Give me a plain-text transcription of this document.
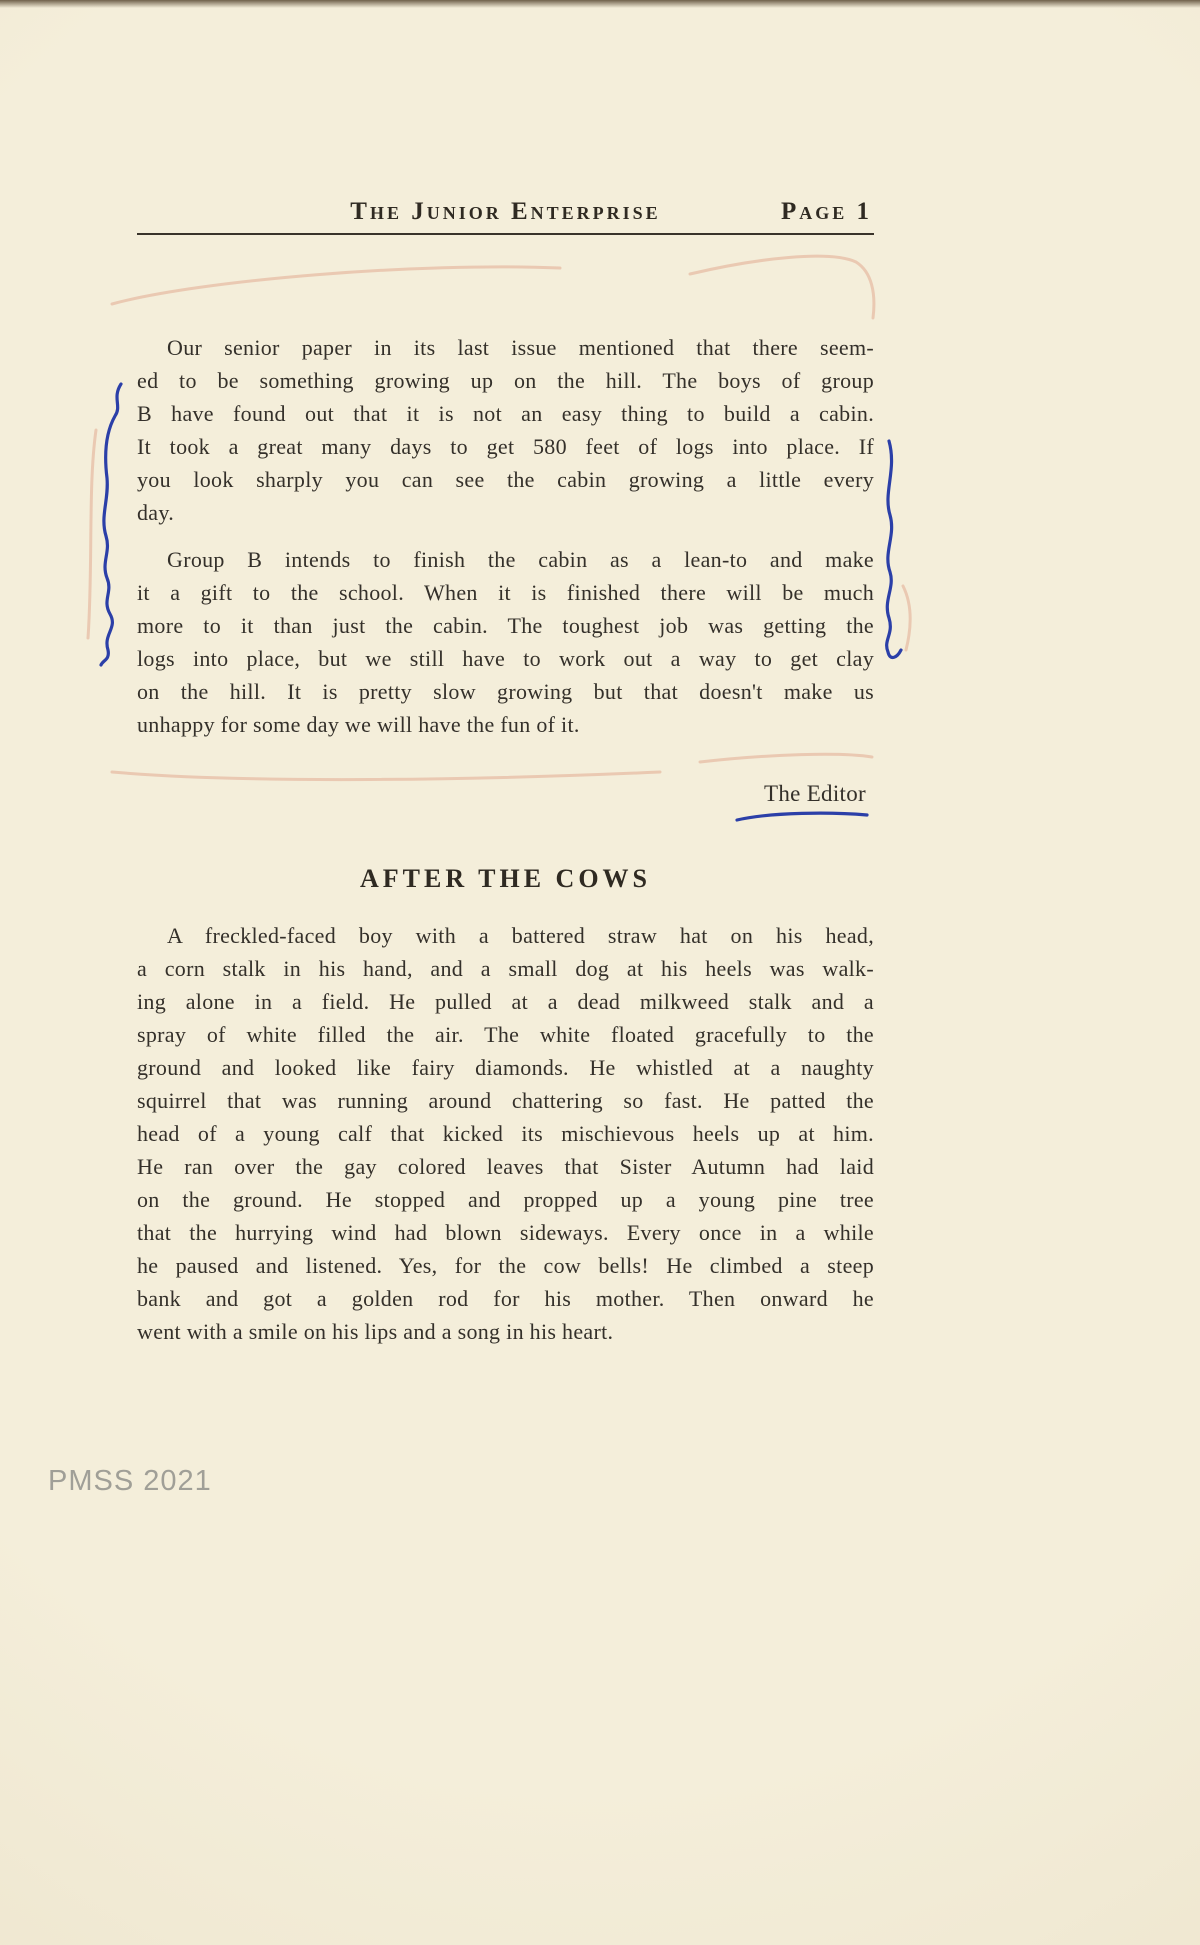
The Junior Enterprise	Page 1

Our senior paper in its last issue mentioned that there seem-
ed to be something growing up on the hill. The boys of group
B have found out that it is not an easy thing to build a cabin.
It took a great many days to get 580 feet of logs into place. If
you look sharply you can see the cabin growing a little every
day.

Group B intends to finish the cabin as a lean-to and make
it a gift to the school. When it is finished there will be much
more to it than just the cabin. The toughest job was getting the
logs into place, but we still have to work out a way to get clay
on the hill. It is pretty slow growing but that doesn't make us
unhappy for some day we will have the fun of it.

The Editor
AFTER THE COWS

A freckled-faced boy with a battered straw hat on his head,
a corn stalk in his hand, and a small dog at his heels was walk-
ing alone in a field. He pulled at a dead milkweed stalk and a
spray of white filled the air. The white floated gracefully to the
ground and looked like fairy diamonds. He whistled at a naughty
squirrel that was running around chattering so fast. He patted the
head of a young calf that kicked its mischievous heels up at him.
He ran over the gay colored leaves that Sister Autumn had laid
on the ground. He stopped and propped up a young pine tree
that the hurrying wind had blown sideways. Every once in a while
he paused and listened. Yes, for the cow bells! He climbed a steep
bank and got a golden rod for his mother. Then onward he
went with a smile on his lips and a song in his heart.

PMSS 2021
